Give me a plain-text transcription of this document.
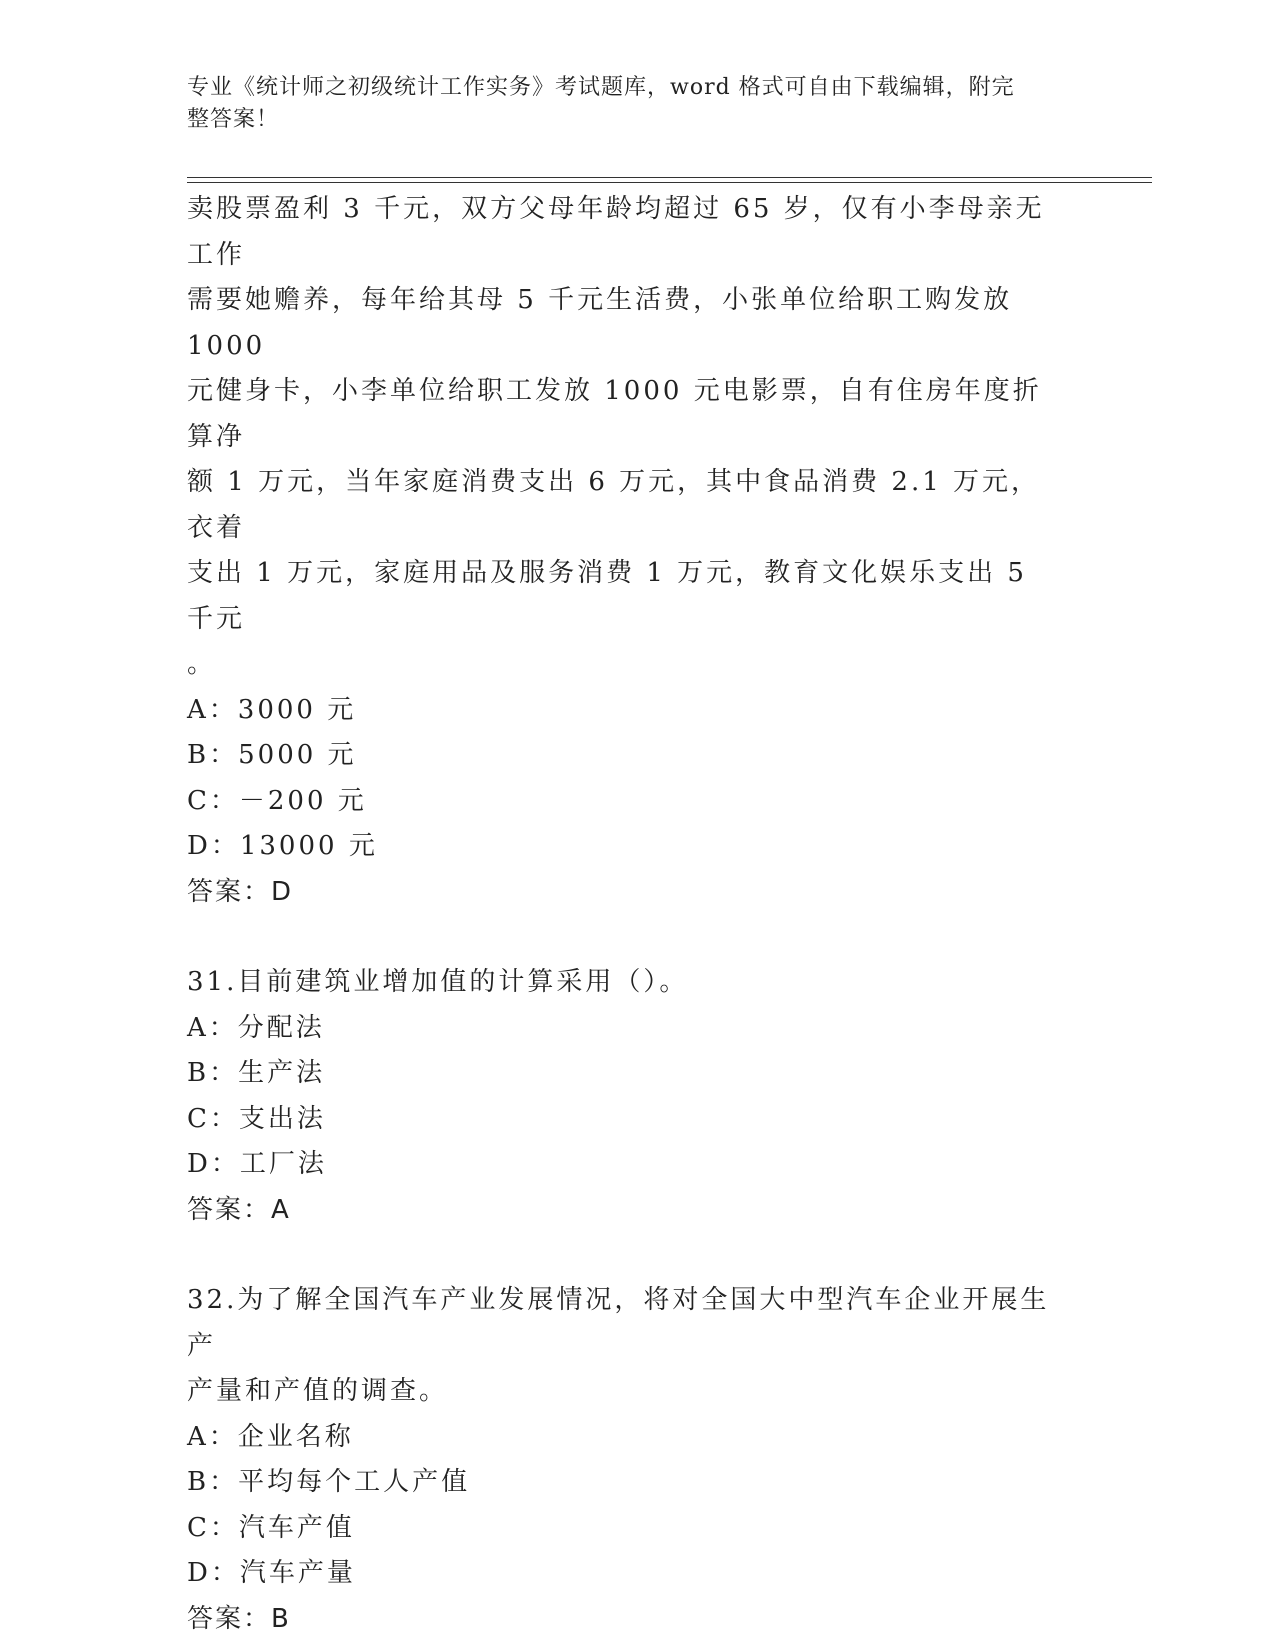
专业《统计师之初级统计工作实务》考试题库，word 格式可自由下载编辑，附完
整答案！

卖股票盈利 3 千元，双方父母年龄均超过 65 岁，仅有小李母亲无工作

需要她赡养，每年给其母 5 千元生活费，小张单位给职工购发放 1000

元健身卡，小李单位给职工发放 1000 元电影票，自有住房年度折算净

额 1 万元，当年家庭消费支出 6 万元，其中食品消费 2.1 万元，衣着

支出 1 万元，家庭用品及服务消费 1 万元，教育文化娱乐支出 5 千元

。

A：3000 元

B：5000 元

C：－200 元

D：13000 元

答案：D

31.目前建筑业增加值的计算采用（）。

A：分配法

B：生产法

C：支出法

D：工厂法

答案：A

32.为了解全国汽车产业发展情况，将对全国大中型汽车企业开展生产

产量和产值的调查。

A：企业名称

B：平均每个工人产值

C：汽车产值

D：汽车产量

答案：B
